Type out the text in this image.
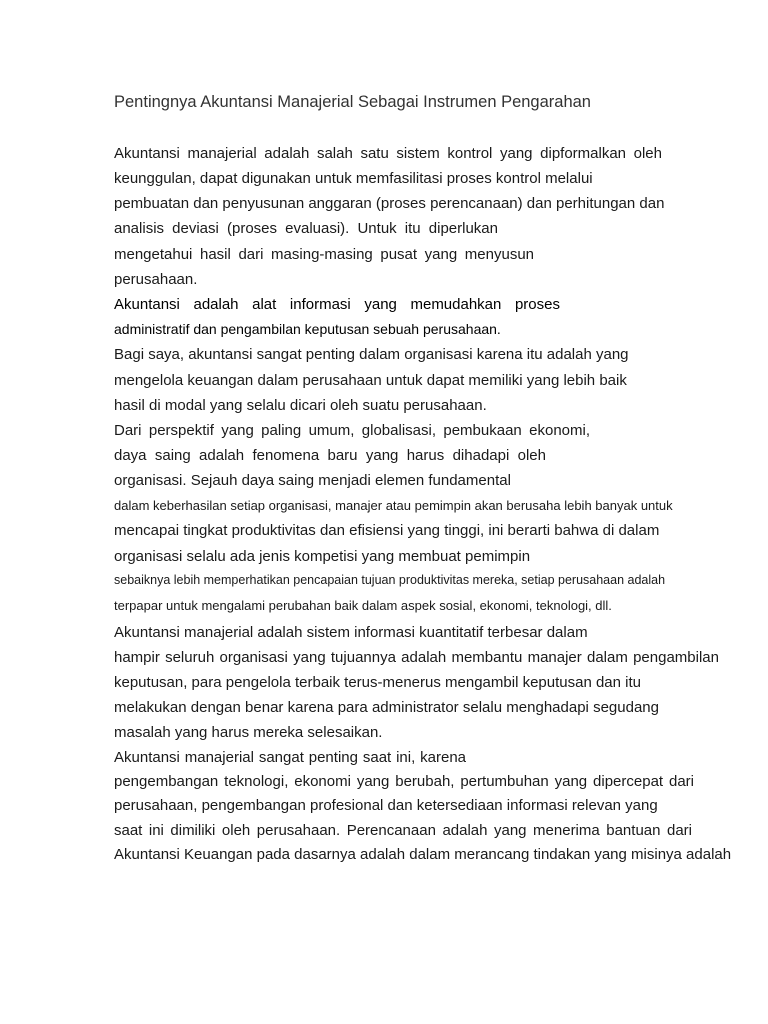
Pentingnya Akuntansi Manajerial Sebagai Instrumen Pengarahan
Akuntansi manajerial adalah salah satu sistem kontrol yang dipformalkan oleh
keunggulan, dapat digunakan untuk memfasilitasi proses kontrol melalui
pembuatan dan penyusunan anggaran (proses perencanaan) dan perhitungan dan
analisis deviasi (proses evaluasi). Untuk itu diperlukan
mengetahui hasil dari masing-masing pusat yang menyusun
perusahaan.
Akuntansi adalah alat informasi yang memudahkan proses
administratif dan pengambilan keputusan sebuah perusahaan.
Bagi saya, akuntansi sangat penting dalam organisasi karena itu adalah yang
mengelola keuangan dalam perusahaan untuk dapat memiliki yang lebih baik
hasil di modal yang selalu dicari oleh suatu perusahaan.
Dari perspektif yang paling umum, globalisasi, pembukaan ekonomi,
daya saing adalah fenomena baru yang harus dihadapi oleh
organisasi. Sejauh daya saing menjadi elemen fundamental
dalam keberhasilan setiap organisasi, manajer atau pemimpin akan berusaha lebih banyak untuk
mencapai tingkat produktivitas dan efisiensi yang tinggi, ini berarti bahwa di dalam
organisasi selalu ada jenis kompetisi yang membuat pemimpin
sebaiknya lebih memperhatikan pencapaian tujuan produktivitas mereka, setiap perusahaan adalah
terpapar untuk mengalami perubahan baik dalam aspek sosial, ekonomi, teknologi, dll.
Akuntansi manajerial adalah sistem informasi kuantitatif terbesar dalam
hampir seluruh organisasi yang tujuannya adalah membantu manajer dalam pengambilan
keputusan, para pengelola terbaik terus-menerus mengambil keputusan dan itu
melakukan dengan benar karena para administrator selalu menghadapi segudang
masalah yang harus mereka selesaikan.
Akuntansi manajerial sangat penting saat ini, karena
pengembangan teknologi, ekonomi yang berubah, pertumbuhan yang dipercepat dari
perusahaan, pengembangan profesional dan ketersediaan informasi relevan yang
saat ini dimiliki oleh perusahaan. Perencanaan adalah yang menerima bantuan dari
Akuntansi Keuangan pada dasarnya adalah dalam merancang tindakan yang misinya adalah
